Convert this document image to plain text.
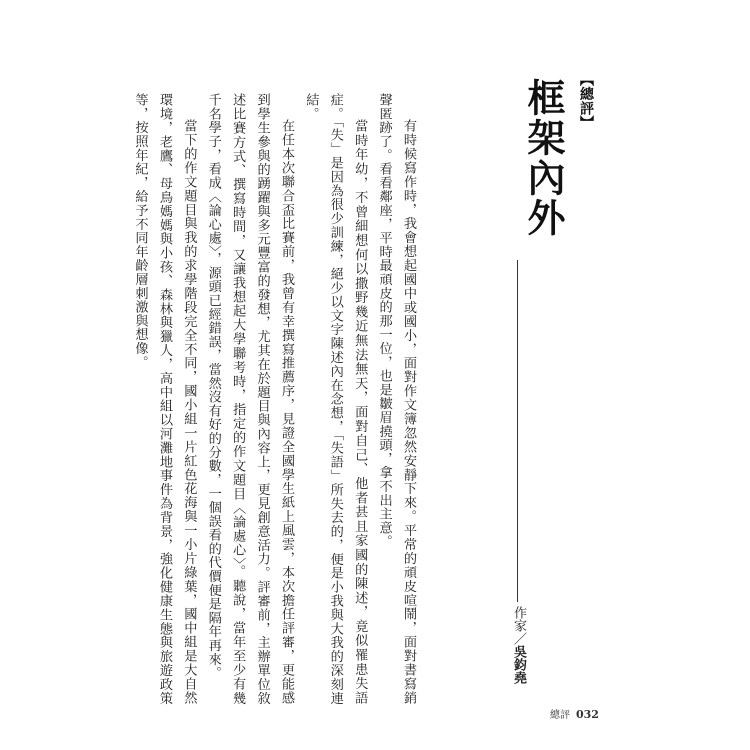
【總評】
框架內外
作家／吳鈞堯

有時候寫作時，我會想起國中或國小，面對作文簿忽然安靜下來。平常的頑皮喧鬧，面對書寫銷聲匿跡了。看看鄰座，平時最頑皮的那一位，也是皺眉撓頭，拿不出主意。

當時年幼，不曾細想何以撒野幾近無法無天，面對自己、他者甚且家國的陳述，竟似罹患失語症。「失」是因為很少訓練，絕少以文字陳述內在念想，「失語」所失去的，便是小我與大我的深刻連結。

在任本次聯合盃比賽前，我曾有幸撰寫推薦序，見證全國學生紙上風雲，本次擔任評審，更能感到學生參與的踴躍與多元豐富的發想，尤其在於題目與內容上，更見創意活力。評審前，主辦單位敘述比賽方式、撰寫時間，又讓我想起大學聯考時，指定的作文題目〈論處心〉。聽說，當年至少有幾千名學子，看成〈論心處〉，源頭已經錯誤，當然沒有好的分數，一個誤看的代價便是隔年再來。

當下的作文題目與我的求學階段完全不同，國小組一片紅色花海與一小片綠葉，國中組是大自然環境，老鷹、母鳥媽媽與小孩、森林與獵人，高中組以河灘地事件為背景，強化健康生態與旅遊政策等，按照年紀，給予不同年齡層刺激與想像。

總評 032
